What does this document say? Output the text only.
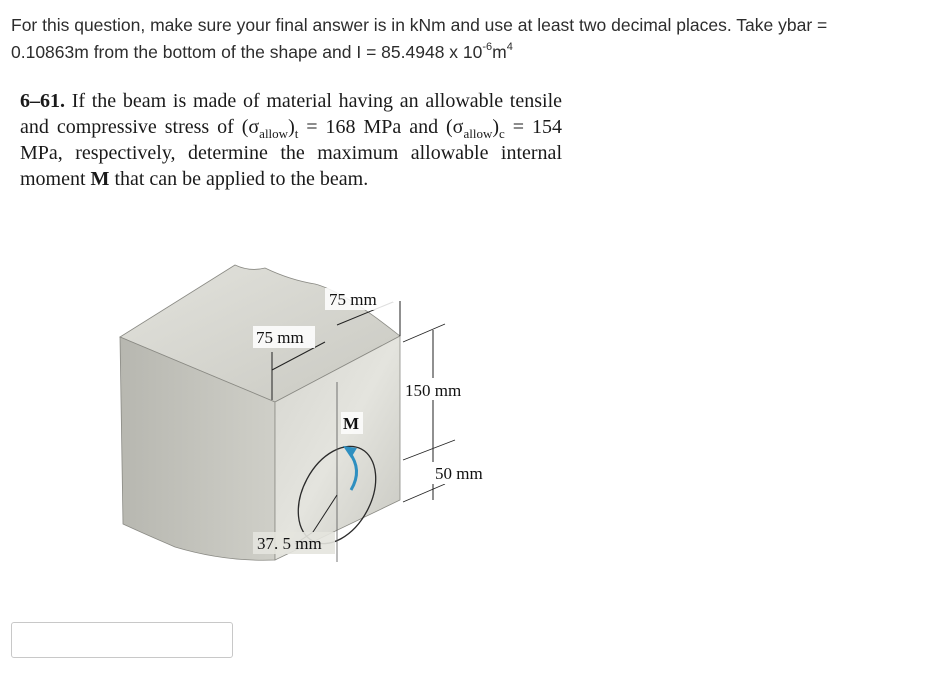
For this question, make sure your final answer is in kNm and use at least two decimal places. Take ybar =
0.10863m from the bottom of the shape and I = 85.4948 x $10^{-6}m^4$
6–61. If the beam is made of material having an allowable tensile and compressive stress of $(\sigma_{allow})_t = 168$ MPa and $(\sigma_{allow})_c = 154$ MPa, respectively, determine the maximum allowable internal moment M that can be applied to the beam.
75 mm
75 mm
150 mm
50 mm
M
37. 5 mm
